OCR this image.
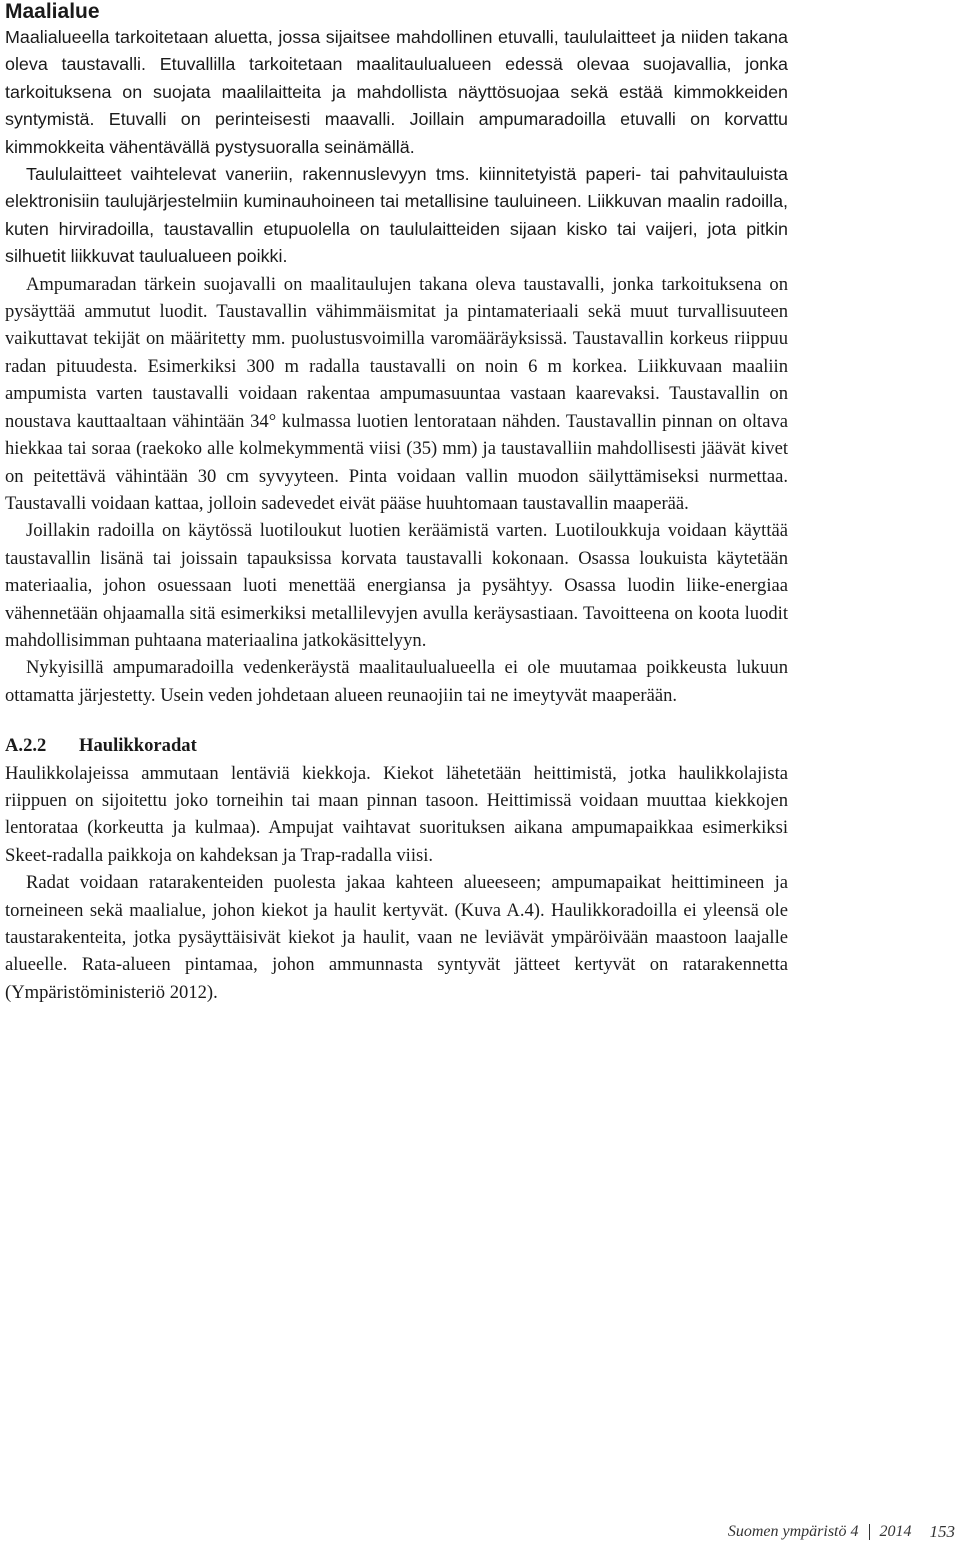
Maalialue

Maalialueella tarkoitetaan aluetta, jossa sijaitsee mahdollinen etuvalli, taululaitteet ja niiden takana oleva taustavalli. Etuvallilla tarkoitetaan maalitaulualueen edessä olevaa suojavallia, jonka tarkoituksena on suojata maalilaitteita ja mahdollista näyttösuojaa sekä estää kimmokkeiden syntymistä. Etuvalli on perinteisesti maavalli. Joillain ampumaradoilla etuvalli on korvattu kimmokkeita vähentävällä pystysuoralla seinämällä.

Taululaitteet vaihtelevat vaneriin, rakennuslevyyn tms. kiinnitetyistä paperi- tai pahvitauluista elektronisiin taulujärjestelmiin kuminauhoineen tai metallisine tauluineen. Liikkuvan maalin radoilla, kuten hirviradoilla, taustavallin etupuolella on taululaitteiden sijaan kisko tai vaijeri, jota pitkin silhuetit liikkuvat taulualueen poikki.

Ampumaradan tärkein suojavalli on maalitaulujen takana oleva taustavalli, jonka tarkoituksena on pysäyttää ammutut luodit. Taustavallin vähimmäismitat ja pintamateriaali sekä muut turvallisuuteen vaikuttavat tekijät on määritetty mm. puolustusvoimilla varomääräyksissä. Taustavallin korkeus riippuu radan pituudesta. Esimerkiksi 300 m radalla taustavalli on noin 6 m korkea. Liikkuvaan maaliin ampumista varten taustavalli voidaan rakentaa ampumasuuntaa vastaan kaarevaksi. Taustavallin on noustava kauttaaltaan vähintään 34° kulmassa luotien lentorataan nähden. Taustavallin pinnan on oltava hiekkaa tai soraa (raekoko alle kolmekymmentä viisi (35) mm) ja taustavalliin mahdollisesti jäävät kivet on peitettävä vähintään 30 cm syvyyteen. Pinta voidaan vallin muodon säilyttämiseksi nurmettaa. Taustavalli voidaan kattaa, jolloin sadevedet eivät pääse huuhtomaan taustavallin maaperää.

Joillakin radoilla on käytössä luotiloukut luotien keräämistä varten. Luotiloukkuja voidaan käyttää taustavallin lisänä tai joissain tapauksissa korvata taustavalli kokonaan. Osassa loukuista käytetään materiaalia, johon osuessaan luoti menettää energiansa ja pysähtyy. Osassa luodin liike-energiaa vähennetään ohjaamalla sitä esimerkiksi metallilevyjen avulla keräysastiaan. Tavoitteena on koota luodit mahdollisimman puhtaana materiaalina jatkokäsittelyyn.

Nykyisillä ampumaradoilla vedenkeräystä maalitaulualueella ei ole muutamaa poikkeusta lukuun ottamatta järjestetty. Usein veden johdetaan alueen reunaojiin tai ne imeytyvät maaperään.

A.2.2 Haulikkoradat

Haulikkolajeissa ammutaan lentäviä kiekkoja. Kiekot lähetetään heittimistä, jotka haulikkolajista riippuen on sijoitettu joko torneihin tai maan pinnan tasoon. Heittimissä voidaan muuttaa kiekkojen lentorataa (korkeutta ja kulmaa). Ampujat vaihtavat suorituksen aikana ampumapaikkaa esimerkiksi Skeet-radalla paikkoja on kahdeksan ja Trap-radalla viisi.

Radat voidaan ratarakenteiden puolesta jakaa kahteen alueeseen; ampumapaikat heittimineen ja torneineen sekä maalialue, johon kiekot ja haulit kertyvät. (Kuva A.4). Haulikkoradoilla ei yleensä ole taustarakenteita, jotka pysäyttäisivät kiekot ja haulit, vaan ne leviävät ympäröivään maastoon laajalle alueelle. Rata-alueen pintamaa, johon ammunnasta syntyvät jätteet kertyvät on ratarakennetta (Ympäristöministeriö 2012).

Suomen ympäristö
4 2014 153
